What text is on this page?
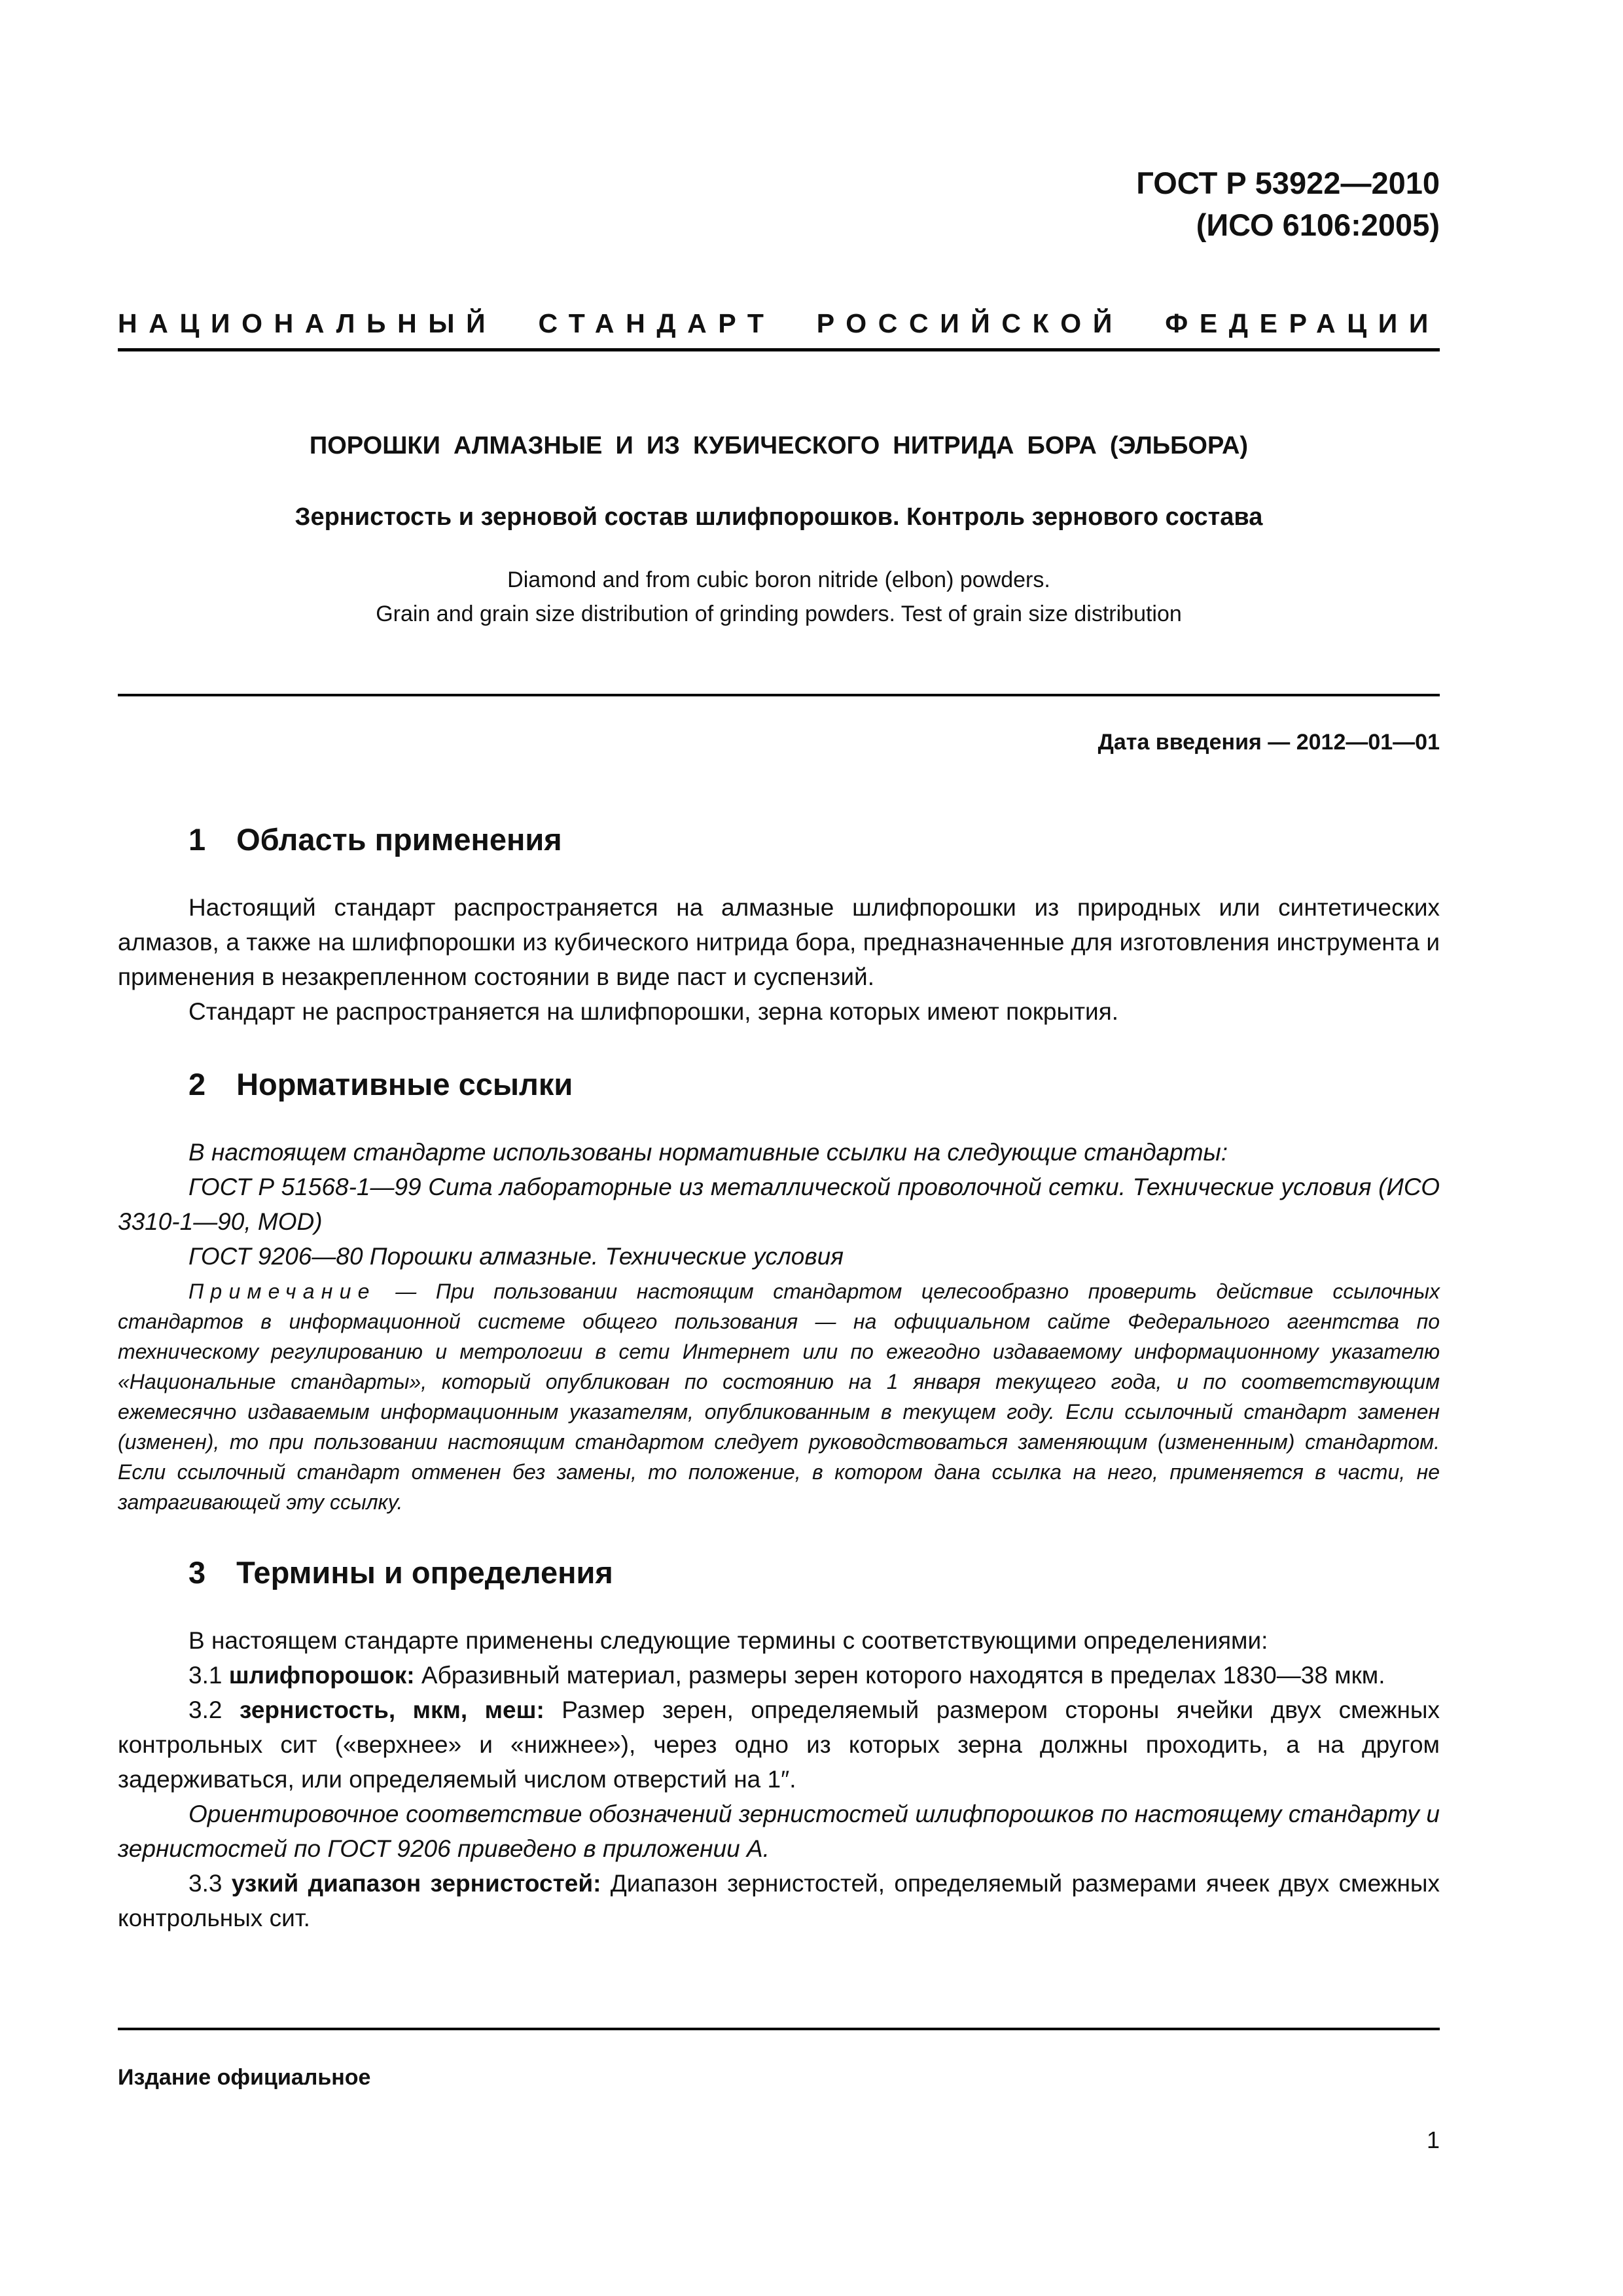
ГОСТ Р 53922—2010
(ИСО 6106:2005)
НАЦИОНАЛЬНЫЙ СТАНДАРТ РОССИЙСКОЙ ФЕДЕРАЦИИ
ПОРОШКИ АЛМАЗНЫЕ И ИЗ КУБИЧЕСКОГО НИТРИДА БОРА (ЭЛЬБОРА)
Зернистость и зерновой состав шлифпорошков. Контроль зернового состава
Diamond and from cubic boron nitride (elbon) powders.
Grain and grain size distribution of grinding powders. Test of grain size distribution
Дата введения — 2012—01—01
1 Область применения

Настоящий стандарт распространяется на алмазные шлифпорошки из природных или синтетических алмазов, а также на шлифпорошки из кубического нитрида бора, предназначенные для изготовления инструмента и применения в незакрепленном состоянии в виде паст и суспензий.

Стандарт не распространяется на шлифпорошки, зерна которых имеют покрытия.

2 Нормативные ссылки

В настоящем стандарте использованы нормативные ссылки на следующие стандарты:

ГОСТ Р 51568-1—99 Сита лабораторные из металлической проволочной сетки. Технические условия (ИСО 3310-1—90, MOD)

ГОСТ 9206—80 Порошки алмазные. Технические условия

Примечание — При пользовании настоящим стандартом целесообразно проверить действие ссылочных стандартов в информационной системе общего пользования — на официальном сайте Федерального агентства по техническому регулированию и метрологии в сети Интернет или по ежегодно издаваемому информационному указателю «Национальные стандарты», который опубликован по состоянию на 1 января текущего года, и по соответствующим ежемесячно издаваемым информационным указателям, опубликованным в текущем году. Если ссылочный стандарт заменен (изменен), то при пользовании настоящим стандартом следует руководствоваться заменяющим (измененным) стандартом. Если ссылочный стандарт отменен без замены, то положение, в котором дана ссылка на него, применяется в части, не затрагивающей эту ссылку.

3 Термины и определения

В настоящем стандарте применены следующие термины с соответствующими определениями:

3.1 шлифпорошок: Абразивный материал, размеры зерен которого находятся в пределах 1830—38 мкм.

3.2 зернистость, мкм, меш: Размер зерен, определяемый размером стороны ячейки двух смежных контрольных сит («верхнее» и «нижнее»), через одно из которых зерна должны проходить, а на другом задерживаться, или определяемый числом отверстий на 1″.

Ориентировочное соответствие обозначений зернистостей шлифпорошков по настоящему стандарту и зернистостей по ГОСТ 9206 приведено в приложении А.

3.3 узкий диапазон зернистостей: Диапазон зернистостей, определяемый размерами ячеек двух смежных контрольных сит.

Издание официальное
1
